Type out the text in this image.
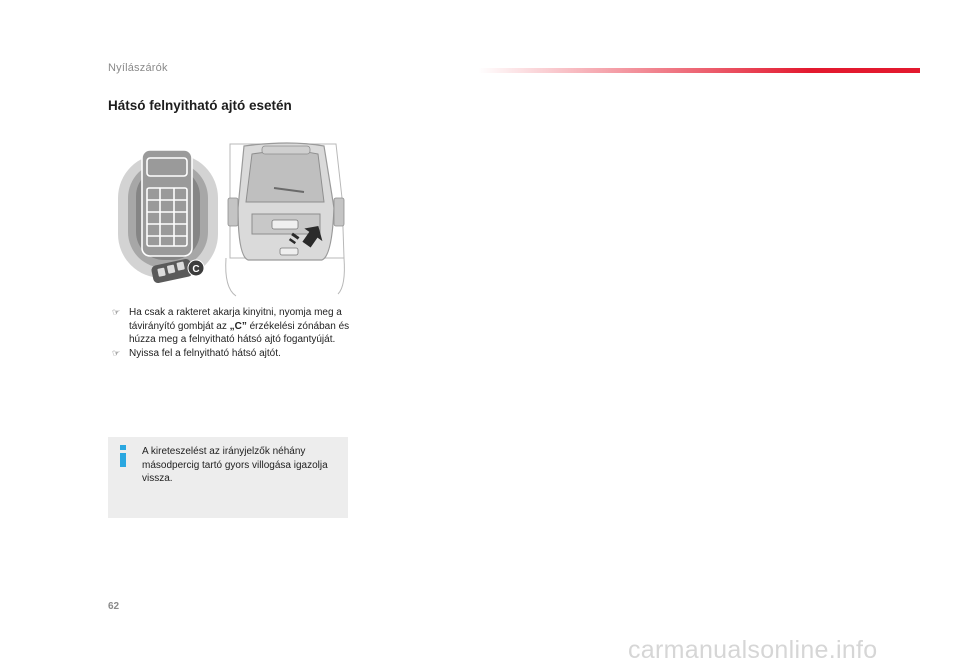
Nyílászárók
Hátsó felnyitható ajtó esetén
C
☞ Ha csak a rakteret akarja kinyitni, nyomja meg a távirányító gombját az „C” érzékelési zónában és húzza meg a felnyitható hátsó ajtó fogantyúját.
☞ Nyissa fel a felnyitható hátsó ajtót.
A kireteszelést az irányjelzők néhány másodpercig tartó gyors villogása igazolja vissza.
62
carmanualsonline.info
